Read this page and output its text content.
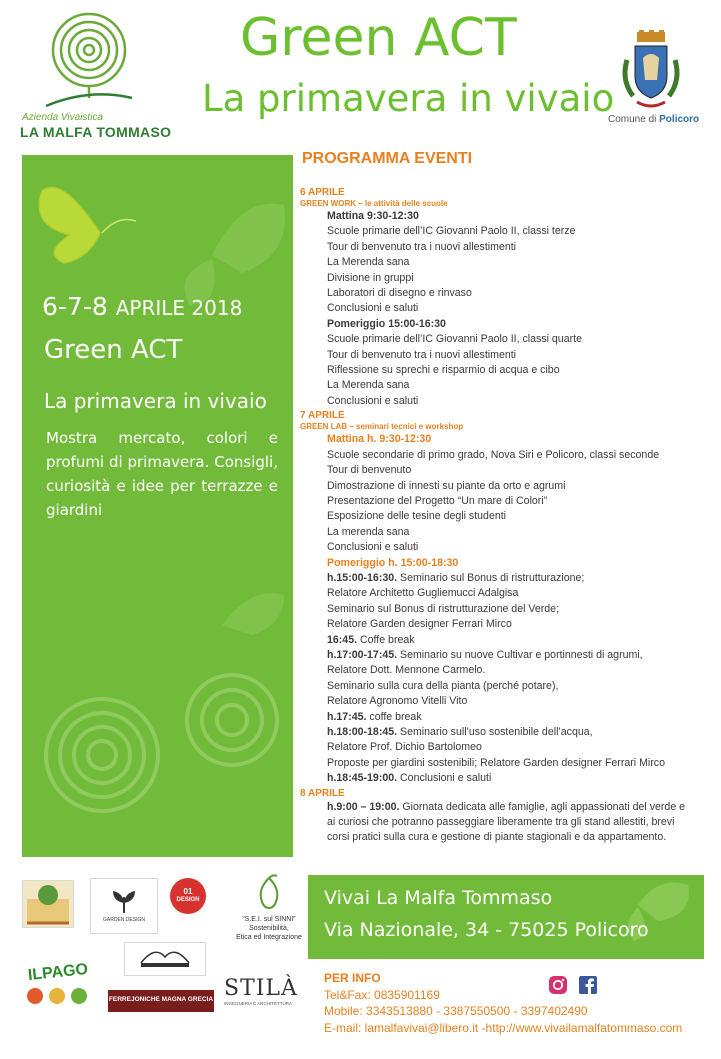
Azienda Vivaistica
LA MALFA TOMMASO
Green ACT
La primavera in vivaio
Comune di Policoro
6-7-8 APRILE 2018
Green ACT
La primavera in vivaio
Mostra mercato, colori e profumi di primavera. Consigli, curiosità e idee per terrazze e giardini
PROGRAMMA EVENTI
6 APRILE
GREEN WORK – le attività delle scuole
Mattina 9:30-12:30
Scuole primarie dell’IC Giovanni Paolo II, classi terze
Tour di benvenuto tra i nuovi allestimenti
La Merenda sana
Divisione in gruppi
Laboratori di disegno e rinvaso
Conclusioni e saluti
Pomeriggio 15:00-16:30
Scuole primarie dell’IC Giovanni Paolo II, classi quarte
Tour di benvenuto tra i nuovi allestimenti
Riflessione su sprechi e risparmio di acqua e cibo
La Merenda sana
Conclusioni e saluti
7 APRILE
GREEN LAB – seminari tecnici e workshop
Mattina h. 9:30-12:30
Scuole secondarie di primo grado, Nova Siri e Policoro, classi seconde
Tour di benvenuto
Dimostrazione di innesti su piante da orto e agrumi
Presentazione del Progetto “Un mare di Colori”
Esposizione delle tesine degli studenti
La merenda sana
Conclusioni e saluti
Pomeriggio h. 15:00-18:30
h.15:00-16:30. Seminario sul Bonus di ristrutturazione;
Relatore Architetto Gugliemucci Adalgisa
Seminario sul Bonus di ristrutturazione del Verde;
Relatore Garden designer Ferrari Mirco
16:45. Coffe break
h.17:00-17:45. Seminario su nuove Cultivar e portinnesti di agrumi,
Relatore Dott. Mennone Carmelo.
Seminario sulla cura della pianta (perché potare),
Relatore Agronomo Vitelli Vito
h.17:45. coffe break
h.18:00-18:45. Seminario sull’uso sostenibile dell’acqua,
Relatore Prof. Dichio Bartolomeo
Proposte per giardini sostenibili; Relatore Garden designer Ferrari Mirco
h.18:45-19:00. Conclusioni e saluti
8 APRILE
h.9:00 – 19:00. Giornata dedicata alle famiglie, agli appassionati del verde e
ai curiosi che potranno passeggiare liberamente tra gli stand allestiti, brevi
corsi pratici sulla cura e gestione di piante stagionali e da appartamento.
GARDEN DESIGN
01
DESIGN
“S.E.I. sul SINNI”
Sostenibilità,
Etica ed Integrazione
ILPAGO
FERREJONICHE MAGNA GRECIA STILÀ
INGEGNERIA E ARCHITETTURA
Vivai La Malfa Tommaso
Via Nazionale, 34 - 75025 Policoro
PER INFO
Tel&Fax: 0835901169
Mobile: 3343513880 - 3387550500 - 3397402490
E-mail: lamalfavivai@libero.it -http://www.vivailamalfatommaso.com
